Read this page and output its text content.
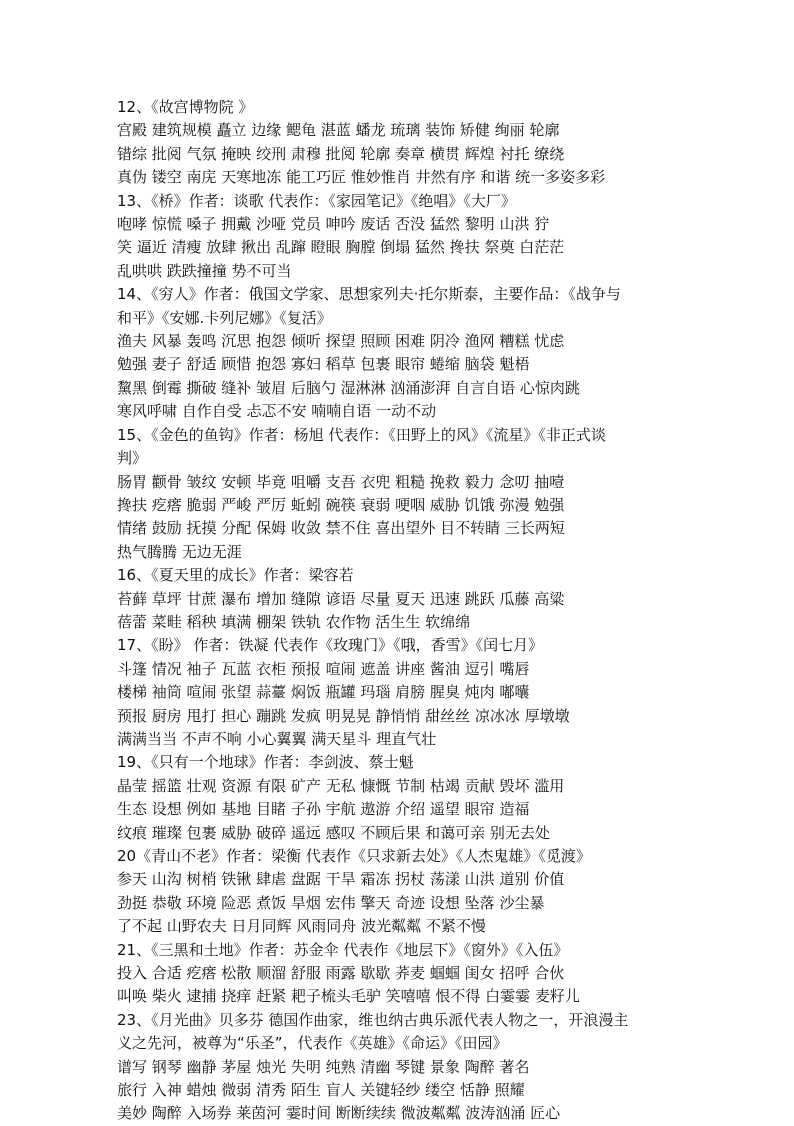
12、《故宫博物院 》
宫殿 建筑规模 矗立 边缘 鳃龟 湛蓝 蟠龙 琉璃 装饰 矫健 绚丽 轮廓
错综 批阅 气氛 掩映 绞刑 肃穆 批阅 轮廓 奏章 横贯 辉煌 衬托 缭绕
真伪 镂空 南庑 天寒地冻 能工巧匠 惟妙惟肖 井然有序 和谐 统一多姿多彩
13、《桥》作者：谈歌 代表作：《家园笔记》《绝唱》《大厂》
咆哮 惊慌 嗓子 拥戴 沙哑 党员 呻吟 废话 否没 猛然 黎明 山洪 狞
笑 逼近 清瘦 放肆 揪出 乱蹿 瞪眼 胸膛 倒塌 猛然 搀扶 祭奠 白茫茫
乱哄哄 跌跌撞撞 势不可当
14、《穷人》作者：俄国文学家、思想家列夫·托尔斯泰，主要作品：《战争与
和平》《安娜.卡列尼娜》《复活》
渔夫 风暴 轰鸣 沉思 抱怨 倾听 探望 照顾 困难 阴冷 渔网 糟糕 忧虑
勉强 妻子 舒适 顾惜 抱怨 寡妇 稻草 包裹 眼帘 蜷缩 脑袋 魁梧
黧黑 倒霉 撕破 缝补 皱眉 后脑勺 湿淋淋 汹涌澎湃 自言自语 心惊肉跳
寒风呼啸 自作自受 忐忑不安 喃喃自语 一动不动
15、《金色的鱼钩》作者：杨旭 代表作：《田野上的风》《流星》《非正式谈
判》
肠胃 颧骨 皱纹 安顿 毕竟 咀嚼 支吾 衣兜 粗糙 挽救 毅力 念叨 抽噎
搀扶 疙瘩 脆弱 严峻 严厉 蚯蚓 碗筷 衰弱 哽咽 威胁 饥饿 弥漫 勉强
情绪 鼓励 抚摸 分配 保姆 收敛 禁不住 喜出望外 目不转睛 三长两短
热气腾腾 无边无涯
16、《夏天里的成长》作者：梁容若
苔藓 草坪 甘蔗 瀑布 增加 缝隙 谚语 尽量 夏天 迅速 跳跃 瓜藤 高粱
蓓蕾 菜畦 稻秧 填满 棚架 铁轨 农作物 活生生 软绵绵
17、《盼》 作者：铁凝 代表作《玫瑰门》《哦，香雪》《闰七月》
斗篷 情况 袖子 瓦蓝 衣柜 预报 喧闹 遮盖 讲座 酱油 逗引 嘴唇
楼梯 袖筒 喧闹 张望 蒜薹 焖饭 瓶罐 玛瑙 肩膀 腥臭 炖肉 嘟囔
预报 厨房 甩打 担心 蹦跳 发疯 明晃晃 静悄悄 甜丝丝 凉冰冰 厚墩墩
满满当当 不声不响 小心翼翼 满天星斗 理直气壮
19、《只有一个地球》作者：李剑波、蔡士魁
晶莹 摇篮 壮观 资源 有限 矿产 无私 慷慨 节制 枯竭 贡献 毁坏 滥用
生态 设想 例如 基地 目睹 子孙 宇航 遨游 介绍 遥望 眼帘 造福
纹痕 璀璨 包裹 威胁 破碎 遥远 感叹 不顾后果 和蔼可亲 别无去处
20《青山不老》作者：梁衡 代表作《只求新去处》《人杰鬼雄》《觅渡》
参天 山沟 树梢 铁锹 肆虐 盘踞 干旱 霜冻 拐杖 荡漾 山洪 道别 价值
劲挺 恭敬 环境 险恶 煮饭 旱烟 宏伟 擎天 奇迹 设想 坠落 沙尘暴
了不起 山野农夫 日月同辉 风雨同舟 波光粼粼 不紧不慢
21、《三黑和土地》作者：苏金伞 代表作《地层下》《窗外》《入伍》
投入 合适 疙瘩 松散 顺溜 舒服 雨露 歇歇 荞麦 蝈蝈 闺女 招呼 合伙
叫唤 柴火 逮捕 挠痒 赶紧 耙子梳头毛驴 笑嘻嘻 恨不得 白霎霎 麦籽儿
23、《月光曲》贝多芬 德国作曲家，维也纳古典乐派代表人物之一，开浪漫主
义之先河，被尊为“乐圣”，代表作《英雄》《命运》《田园》
谱写 钢琴 幽静 茅屋 烛光 失明 纯熟 清幽 琴键 景象 陶醉 著名
旅行 入神 蜡烛 微弱 清秀 陌生 盲人 关键轻纱 缕空 恬静 照耀
美妙 陶醉 入场券 莱茵河 霎时间 断断续续 微波粼粼 波涛汹涌 匠心
